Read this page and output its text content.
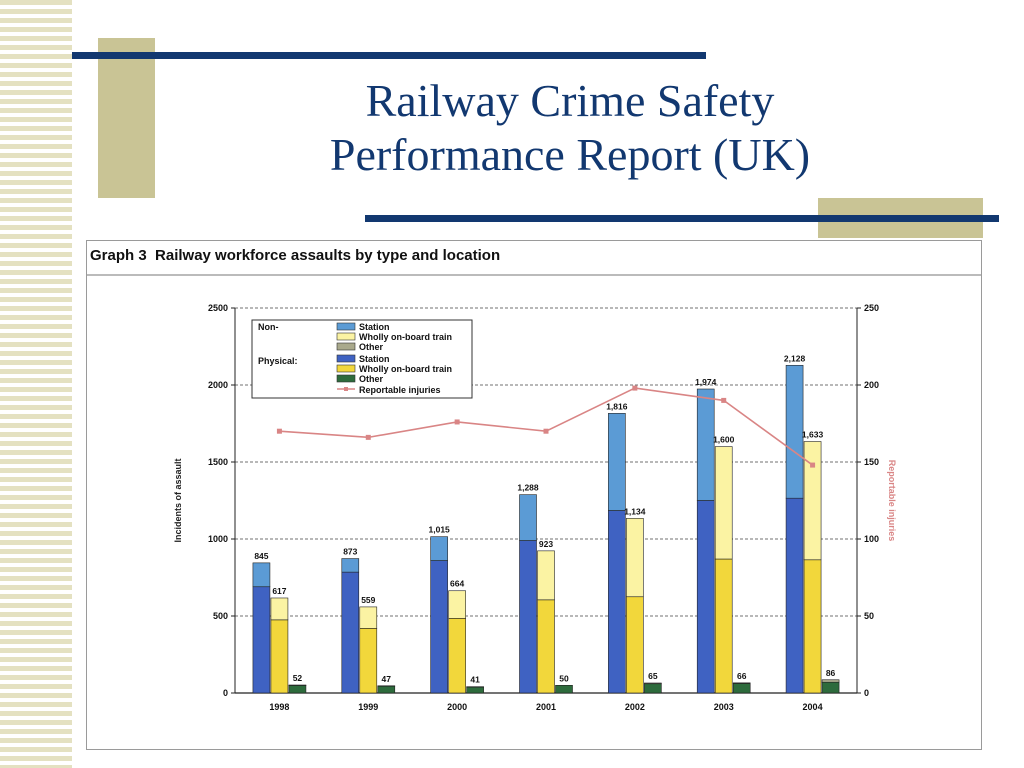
Railway Crime Safety
Performance Report (UK)
Graph 3  Railway workforce assaults by type and location
Incidents of assault	Reportable injuries
0
500
1000
1500
2000
2500
0
50
100
150
200
250
845
617
52
1998
873
559
47
1999
1,015
664
41
2000
1,288
923
50
2001
1,816
1,134
65
2002
1,974
1,600
66
2003
2,128
1,633
86
2004
Non-
Physical:
Station
Wholly on-board train
Other
Station
Wholly on-board train
Other
Reportable injuries
